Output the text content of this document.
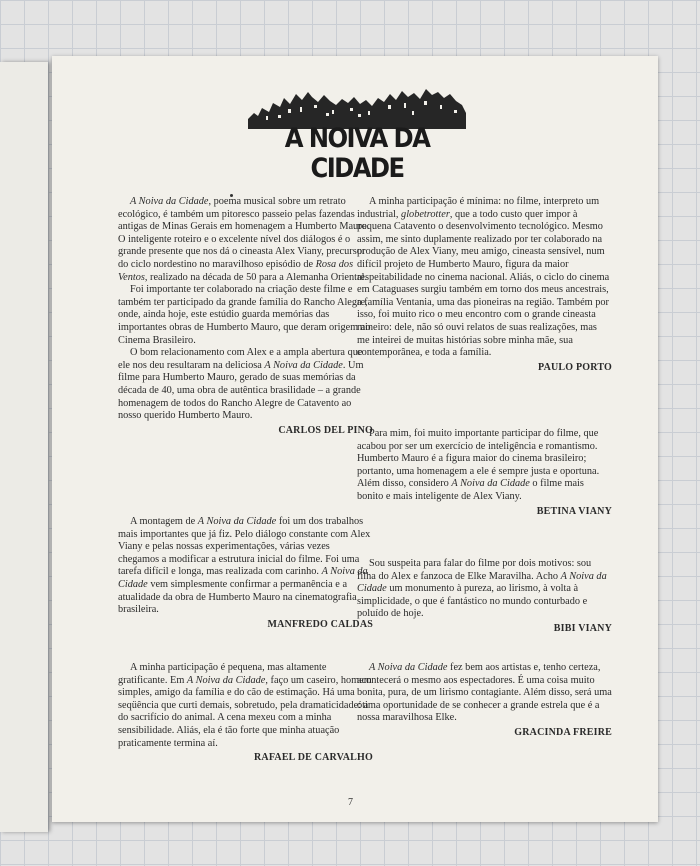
A NOIVA DA CIDADE

A Noiva da Cidade, poema musical sobre um retrato ecológico, é também um pitoresco passeio pelas fazendas antigas de Minas Gerais em homenagem a Humberto Mauro. O inteligente roteiro e o excelente nível dos diálogos é o grande presente que nos dá o cineasta Alex Viany, precursor do ciclo nordestino no maravilhoso episódio de Rosa dos Ventos, realizado na década de 50 para a Alemanha Oriental.

Foi importante ter colaborado na criação deste filme e também ter participado da grande família do Rancho Alegre, onde, ainda hoje, este estúdio guarda memórias das importantes obras de Humberto Mauro, que deram origem ao Cinema Brasileiro.

O bom relacionamento com Alex e a ampla abertura que ele nos deu resultaram na deliciosa A Noiva da Cidade. Um filme para Humberto Mauro, gerado de suas memórias da década de 40, uma obra de autêntica brasilidade – a grande homenagem de todos do Rancho Alegre de Catavento ao nosso querido Humberto Mauro.

CARLOS DEL PINO

A montagem de A Noiva da Cidade foi um dos trabalhos mais importantes que já fiz. Pelo diálogo constante com Alex Viany e pelas nossas experimentações, várias vezes chegamos a modificar a estrutura inicial do filme. Foi uma tarefa difícil e longa, mas realizada com carinho. A Noiva da Cidade vem simplesmente confirmar a permanência e a atualidade da obra de Humberto Mauro na cinematografia brasileira.

MANFREDO CALDAS

A minha participação é pequena, mas altamente gratificante. Em A Noiva da Cidade, faço um caseiro, homem simples, amigo da família e do cão de estimação. Há uma seqüência que curti demais, sobretudo, pela dramaticidade: a do sacrifício do animal. A cena mexeu com a minha sensibilidade. Aliás, ela é tão forte que minha atuação praticamente termina aí.

RAFAEL DE CARVALHO

A minha participação é mínima: no filme, interpreto um industrial, globetrotter, que a todo custo quer impor à pequena Catavento o desenvolvimento tecnológico. Mesmo assim, me sinto duplamente realizado por ter colaborado na produção de Alex Viany, meu amigo, cineasta sensível, num difícil projeto de Humberto Mauro, figura da maior respeitabilidade no cinema nacional. Aliás, o ciclo do cinema em Cataguases surgiu também em torno dos meus ancestrais, a família Ventania, uma das pioneiras na região. Também por isso, foi muito rico o meu encontro com o grande cineasta mineiro: dele, não só ouvi relatos de suas realizações, mas me inteirei de muitas histórias sobre minha mãe, sua contemporânea, e toda a família.

PAULO PORTO

Para mim, foi muito importante participar do filme, que acabou por ser um exercício de inteligência e romantismo. Humberto Mauro é a figura maior do cinema brasileiro; portanto, uma homenagem a ele é sempre justa e oportuna. Além disso, considero A Noiva da Cidade o filme mais bonito e mais inteligente de Alex Viany.

BETINA VIANY

Sou suspeita para falar do filme por dois motivos: sou filha do Alex e fanzoca de Elke Maravilha. Acho A Noiva da Cidade um monumento à pureza, ao lirismo, à volta à simplicidade, o que é fantástico no mundo conturbado e poluído de hoje.

BIBI VIANY

A Noiva da Cidade fez bem aos artistas e, tenho certeza, acontecerá o mesmo aos espectadores. É uma coisa muito bonita, pura, de um lirismo contagiante. Além disso, será uma ótima oportunidade de se conhecer a grande estrela que é a nossa maravilhosa Elke.

GRACINDA FREIRE
7
